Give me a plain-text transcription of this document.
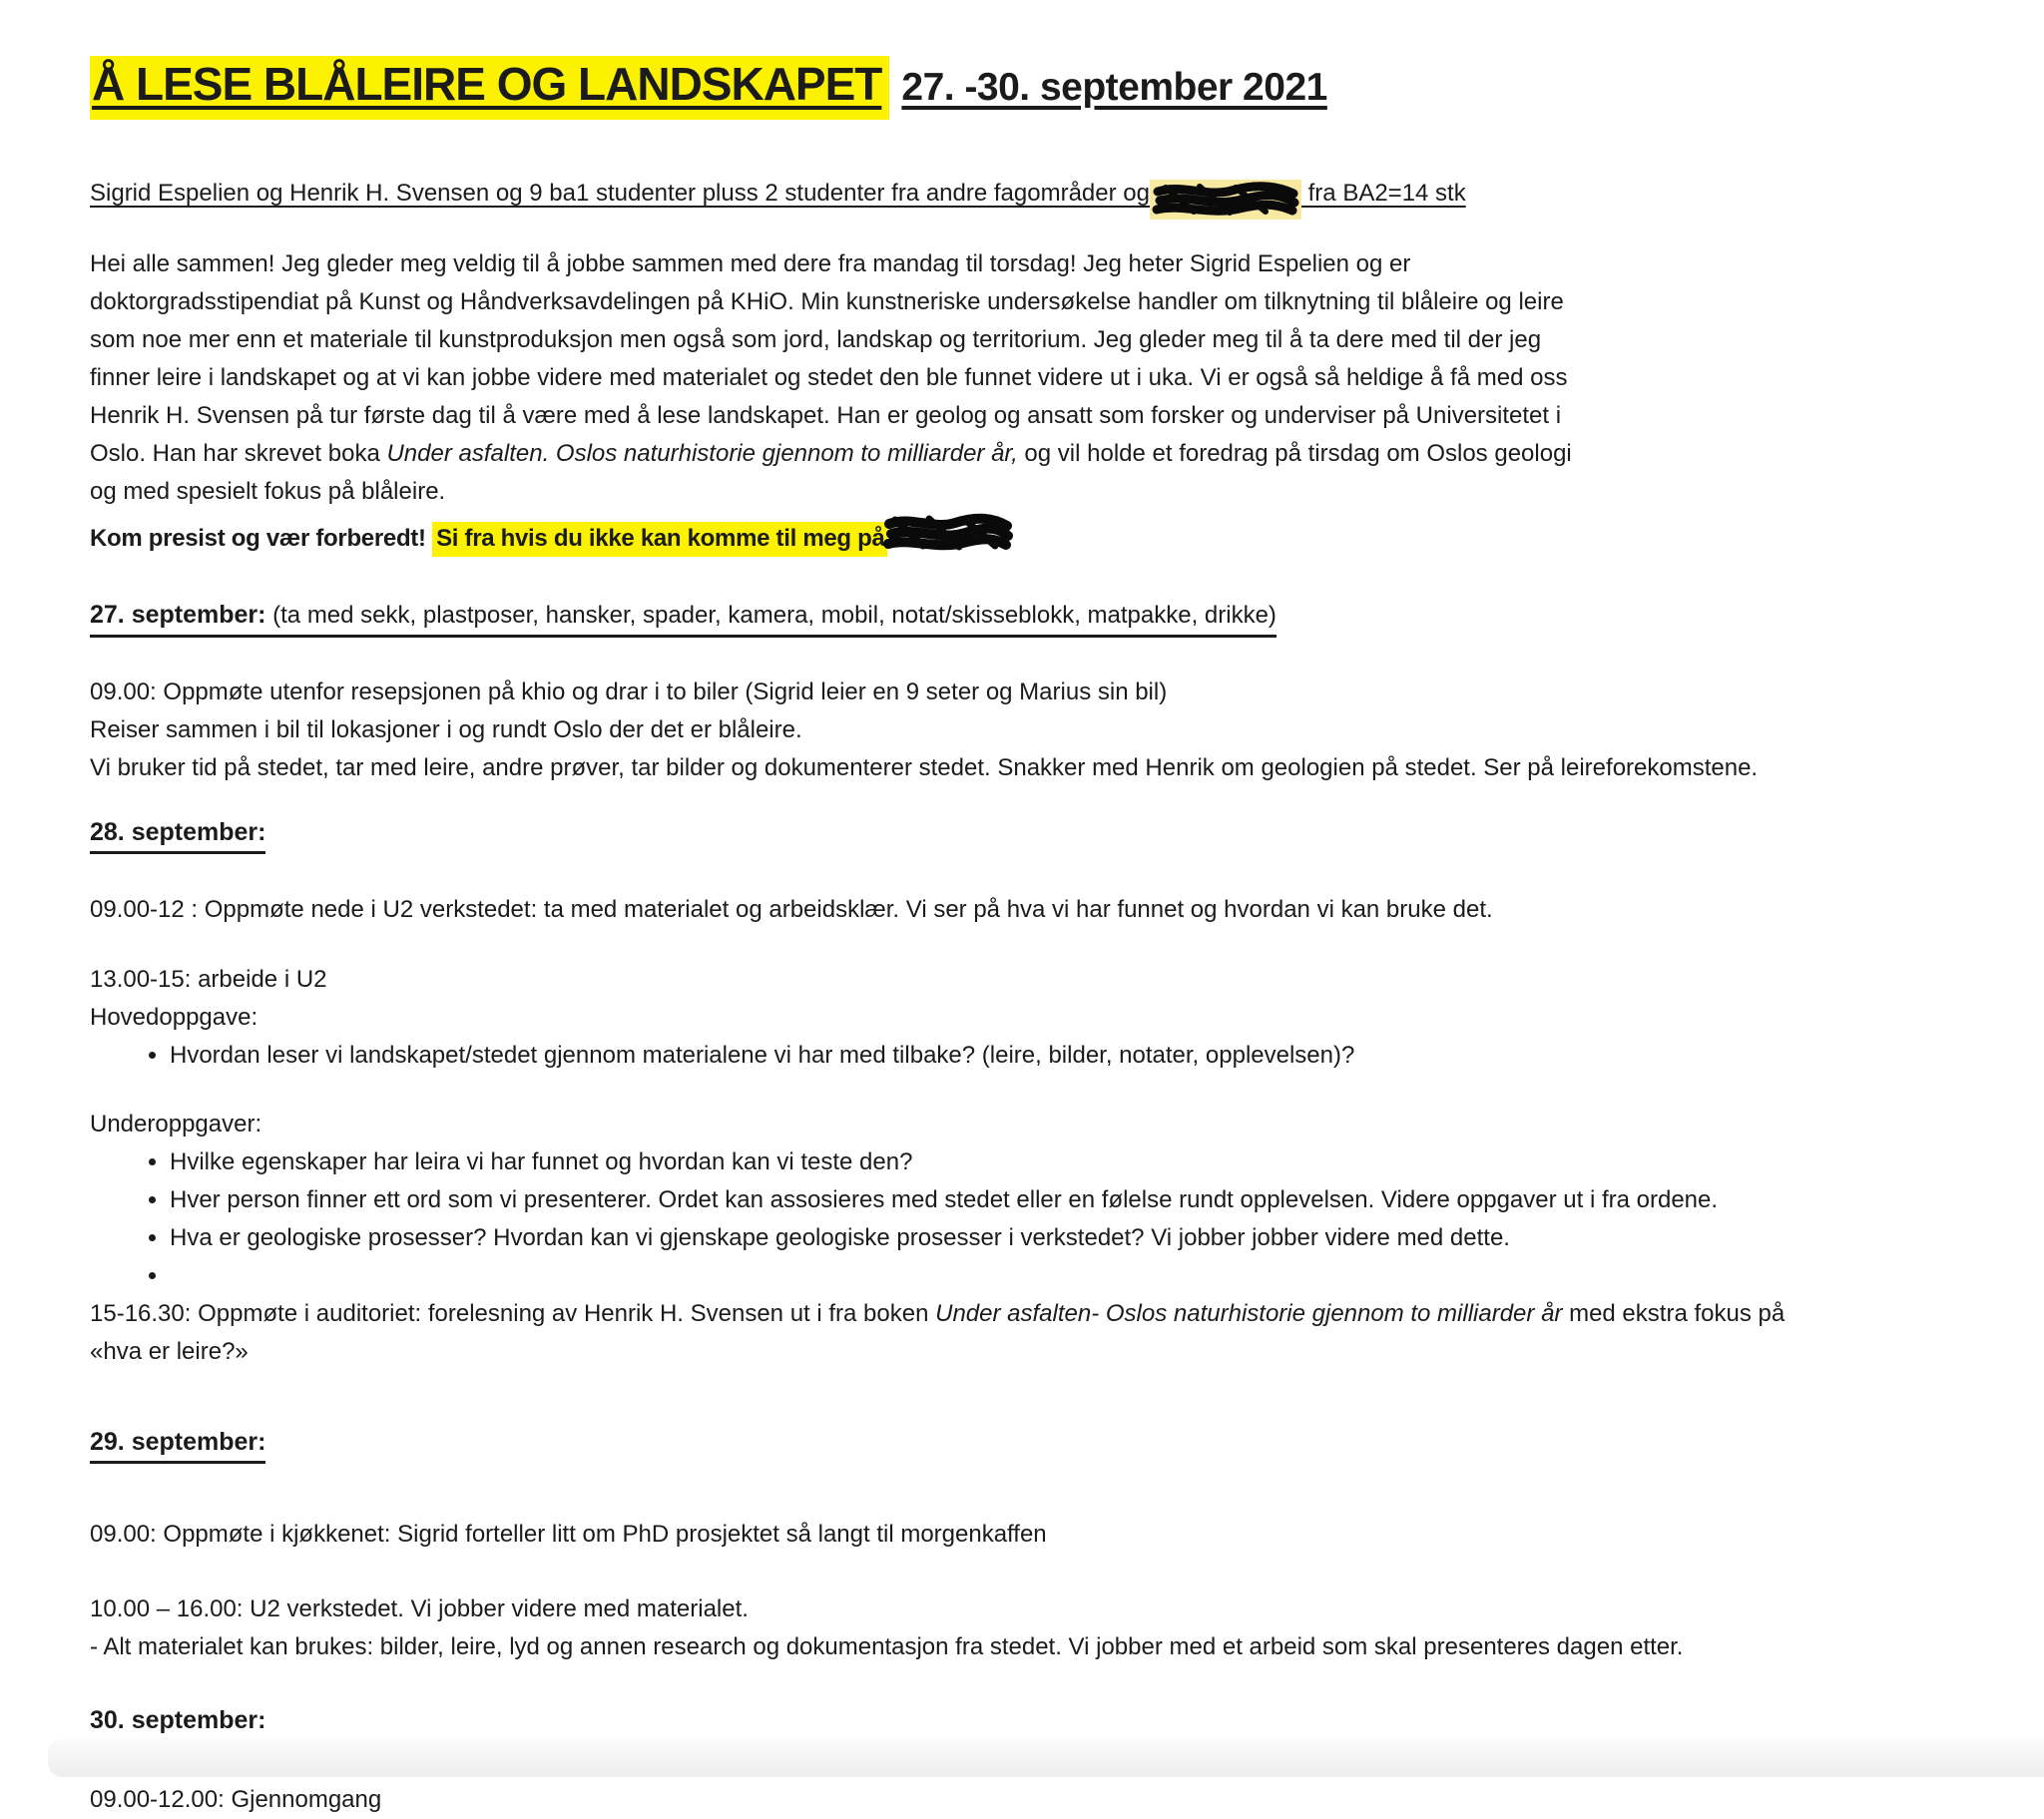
Å LESE BLÅLEIRE OG LANDSKAPET 27. -30. september 2021
Sigrid Espelien og Henrik H. Svensen og 9 ba1 studenter pluss 2 studenter fra andre fagområder og	fra BA2=14 stk
Hei alle sammen! Jeg gleder meg veldig til å jobbe sammen med dere fra mandag til torsdag! Jeg heter Sigrid Espelien og er
doktorgradsstipendiat på Kunst og Håndverksavdelingen på KHiO. Min kunstneriske undersøkelse handler om tilknytning til blåleire og leire
som noe mer enn et materiale til kunstproduksjon men også som jord, landskap og territorium. Jeg gleder meg til å ta dere med til der jeg
finner leire i landskapet og at vi kan jobbe videre med materialet og stedet den ble funnet videre ut i uka. Vi er også så heldige å få med oss
Henrik H. Svensen på tur første dag til å være med å lese landskapet. Han er geolog og ansatt som forsker og underviser på Universitetet i
Oslo. Han har skrevet boka Under asfalten. Oslos naturhistorie gjennom to milliarder år, og vil holde et foredrag på tirsdag om Oslos geologi
og med spesielt fokus på blåleire.
Kom presist og vær forberedt! Si fra hvis du ikke kan komme til meg på
27. september: (ta med sekk, plastposer, hansker, spader, kamera, mobil, notat/skisseblokk, matpakke, drikke)
09.00: Oppmøte utenfor resepsjonen på khio og drar i to biler (Sigrid leier en 9 seter og Marius sin bil)
Reiser sammen i bil til lokasjoner i og rundt Oslo der det er blåleire.
Vi bruker tid på stedet, tar med leire, andre prøver, tar bilder og dokumenterer stedet. Snakker med Henrik om geologien på stedet. Ser på leireforekomstene.
28. september:
09.00-12 : Oppmøte nede i U2 verkstedet: ta med materialet og arbeidsklær. Vi ser på hva vi har funnet og hvordan vi kan bruke det.
13.00-15: arbeide i U2
Hovedoppgave:
• Hvordan leser vi landskapet/stedet gjennom materialene vi har med tilbake? (leire, bilder, notater, opplevelsen)?
Underoppgaver:
• Hvilke egenskaper har leira vi har funnet og hvordan kan vi teste den?
• Hver person finner ett ord som vi presenterer. Ordet kan assosieres med stedet eller en følelse rundt opplevelsen. Videre oppgaver ut i fra ordene.
• Hva er geologiske prosesser? Hvordan kan vi gjenskape geologiske prosesser i verkstedet? Vi jobber jobber videre med dette.
•
15-16.30: Oppmøte i auditoriet: forelesning av Henrik H. Svensen ut i fra boken Under asfalten- Oslos naturhistorie gjennom to milliarder år med ekstra fokus på
«hva er leire?»
29. september:
09.00: Oppmøte i kjøkkenet: Sigrid forteller litt om PhD prosjektet så langt til morgenkaffen
10.00 – 16.00: U2 verkstedet. Vi jobber videre med materialet.
- Alt materialet kan brukes: bilder, leire, lyd og annen research og dokumentasjon fra stedet. Vi jobber med et arbeid som skal presenteres dagen etter.
30. september:
09.00-12.00: Gjennomgang
